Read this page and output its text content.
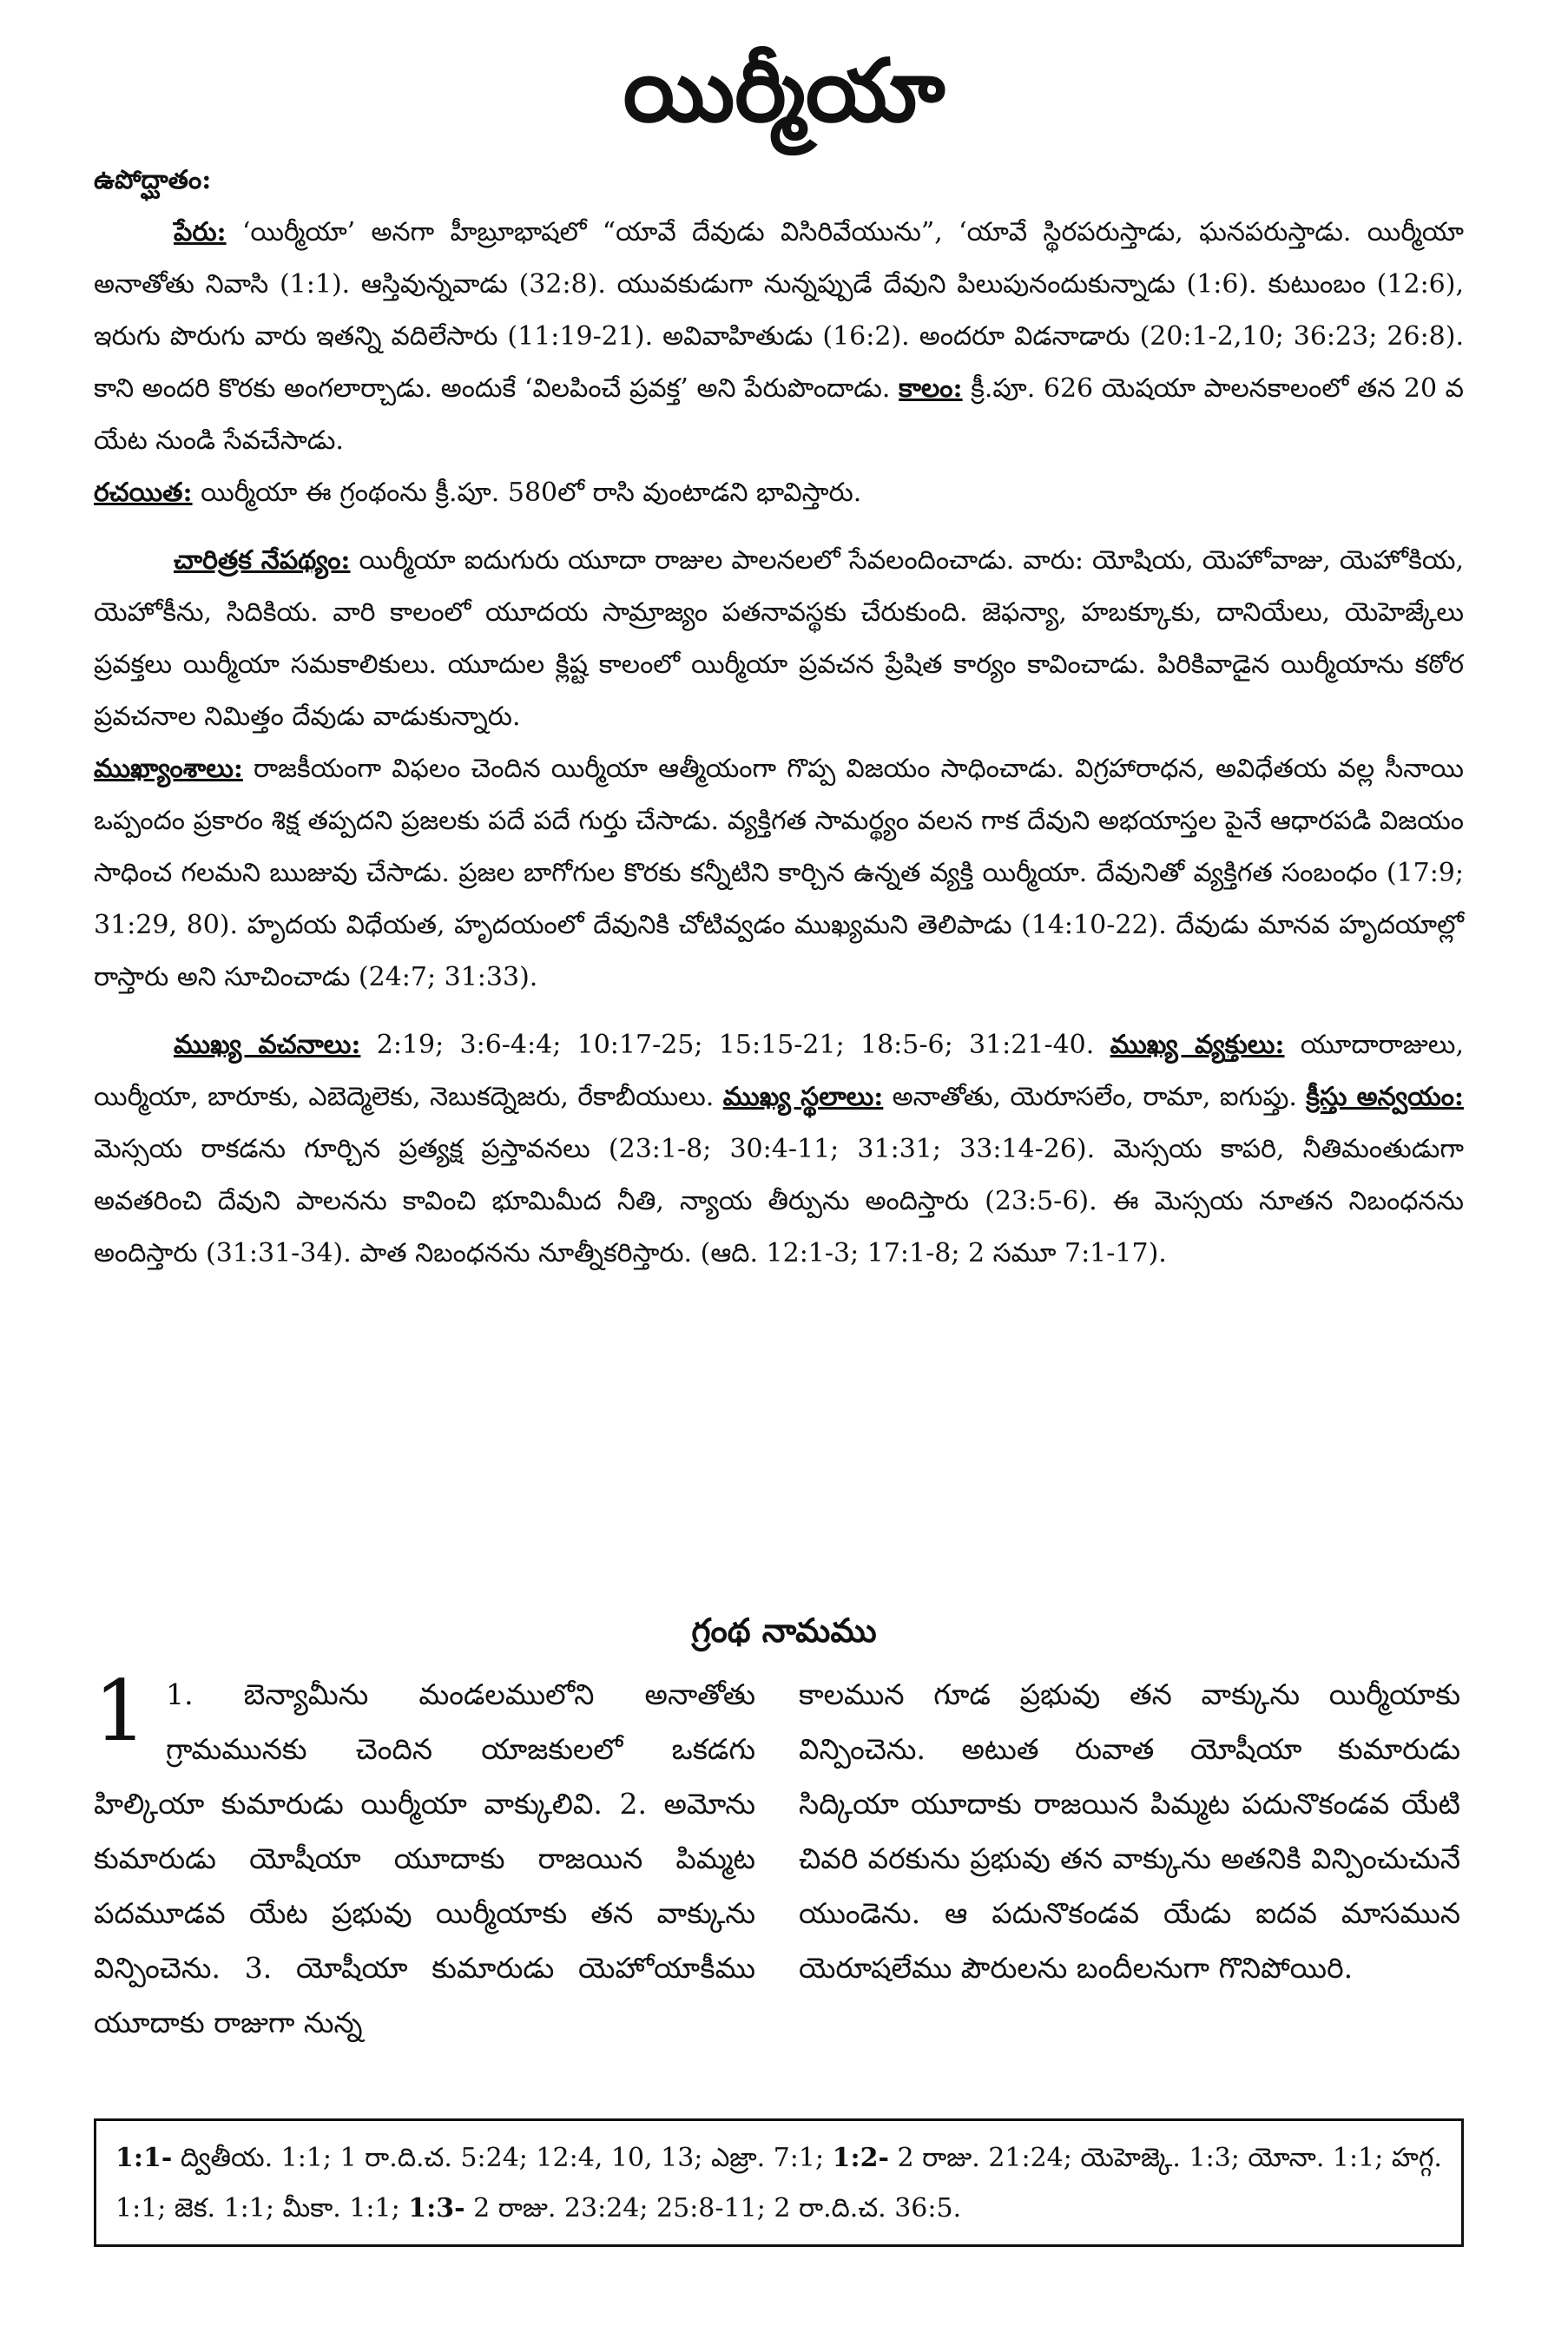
యిర్మీయా

ఉపోద్ఘాతం:

పేరు: ‘యిర్మీయా’ అనగా హీబ్రూభాషలో “యావే దేవుడు విసిరివేయును”, ‘యావే స్థిరపరుస్తాడు, ఘనపరుస్తాడు. యిర్మీయా అనాతోతు నివాసి (1:1). ఆస్తివున్నవాడు (32:8). యువకుడుగా నున్నప్పుడే దేవుని పిలుపునందుకున్నాడు (1:6). కుటుంబం (12:6), ఇరుగు పొరుగు వారు ఇతన్ని వదిలేసారు (11:19-21). అవివాహితుడు (16:2). అందరూ విడనాడారు (20:1-2,10; 36:23; 26:8). కాని అందరి కొరకు అంగలార్చాడు. అందుకే ‘విలపించే ప్రవక్త’ అని పేరుపొందాడు. కాలం: క్రీ.పూ. 626 యెషయా పాలనకాలంలో తన 20 వ యేట నుండి సేవచేసాడు.
రచయిత: యిర్మీయా ఈ గ్రంథంను క్రీ.పూ. 580లో రాసి వుంటాడని భావిస్తారు.

చారిత్రక నేపథ్యం: యిర్మీయా ఐదుగురు యూదా రాజుల పాలనలలో సేవలందించాడు. వారు: యోషియ, యెహోవాజు, యెహోకియ, యెహోకీను, సిదికియ. వారి కాలంలో యూదయ సామ్రాజ్యం పతనావస్థకు చేరుకుంది. జెఫన్యా, హబక్కూకు, దానియేలు, యెహెజ్కేలు ప్రవక్తలు యిర్మీయా సమకాలికులు. యూదుల క్లిష్ట కాలంలో యిర్మీయా ప్రవచన ప్రేషిత కార్యం కావించాడు. పిరికివాడైన యిర్మీయాను కఠోర ప్రవచనాల నిమిత్తం దేవుడు వాడుకున్నారు.
ముఖ్యాంశాలు: రాజకీయంగా విఫలం చెందిన యిర్మీయా ఆత్మీయంగా గొప్ప విజయం సాధించాడు. విగ్రహారాధన, అవిధేతయ వల్ల సీనాయి ఒప్పందం ప్రకారం శిక్ష తప్పదని ప్రజలకు పదే పదే గుర్తు చేసాడు. వ్యక్తిగత సామర్థ్యం వలన గాక దేవుని అభయాస్తల పైనే ఆధారపడి విజయం సాధించ గలమని ఋజువు చేసాడు. ప్రజల బాగోగుల కొరకు కన్నీటిని కార్చిన ఉన్నత వ్యక్తి యిర్మీయా. దేవునితో వ్యక్తిగత సంబంధం (17:9; 31:29, 80). హృదయ విధేయత, హృదయంలో దేవునికి చోటివ్వడం ముఖ్యమని తెలిపాడు (14:10-22). దేవుడు మానవ హృదయాల్లో రాస్తారు అని సూచించాడు (24:7; 31:33).

ముఖ్య వచనాలు: 2:19; 3:6-4:4; 10:17-25; 15:15-21; 18:5-6; 31:21-40. ముఖ్య వ్యక్తులు: యూదారాజులు, యిర్మీయా, బారూకు, ఎబెద్మెలెకు, నెబుకద్నెజరు, రేకాబీయులు. ముఖ్య స్థలాలు: అనాతోతు, యెరూసలేం, రామా, ఐగుప్తు. క్రీస్తు అన్వయం: మెస్సయ రాకడను గూర్చిన ప్రత్యక్ష ప్రస్తావనలు (23:1-8; 30:4-11; 31:31; 33:14-26). మెస్సయ కాపరి, నీతిమంతుడుగా అవతరించి దేవుని పాలనను కావించి భూమిమీద నీతి, న్యాయ తీర్పును అందిస్తారు (23:5-6). ఈ మెస్సయ నూతన నిబంధనను అందిస్తారు (31:31-34). పాత నిబంధనను నూత్నీకరిస్తారు. (ఆది. 12:1-3; 17:1-8; 2 సమూ 7:1-17).

గ్రంథ నామము
1 1. బెన్యామీను మండలములోని అనాతోతు గ్రామమునకు చెందిన యాజకులలో ఒకడగు హిల్కియా కుమారుడు యిర్మీయా వాక్కులివి. 2. అమోను కుమారుడు యోషీయా యూదాకు రాజయిన పిమ్మట పదమూడవ యేట ప్రభువు యిర్మీయాకు తన వాక్కును విన్పించెను. 3. యోషీయా కుమారుడు యెహోయాకీము యూదాకు రాజుగా నున్న
కాలమున గూడ ప్రభువు తన వాక్కును యిర్మీయాకు విన్పించెను. అటుత రువాత యోషీయా కుమారుడు సిద్కియా యూదాకు రాజయిన పిమ్మట పదునొకండవ యేటి చివరి వరకును ప్రభువు తన వాక్కును అతనికి విన్పించుచునే యుండెను. ఆ పదునొకండవ యేడు ఐదవ మాసమున యెరూషలేము పౌరులను బందీలనుగా గొనిపోయిరి.
1:1- ద్వితీయ. 1:1; 1 రా.ది.చ. 5:24; 12:4, 10, 13; ఎజ్రా. 7:1; 1:2- 2 రాజు. 21:24; యెహెజ్కె. 1:3; యోనా. 1:1; హగ్గ. 1:1; జెక. 1:1; మీకా. 1:1; 1:3- 2 రాజు. 23:24; 25:8-11; 2 రా.ది.చ. 36:5.
